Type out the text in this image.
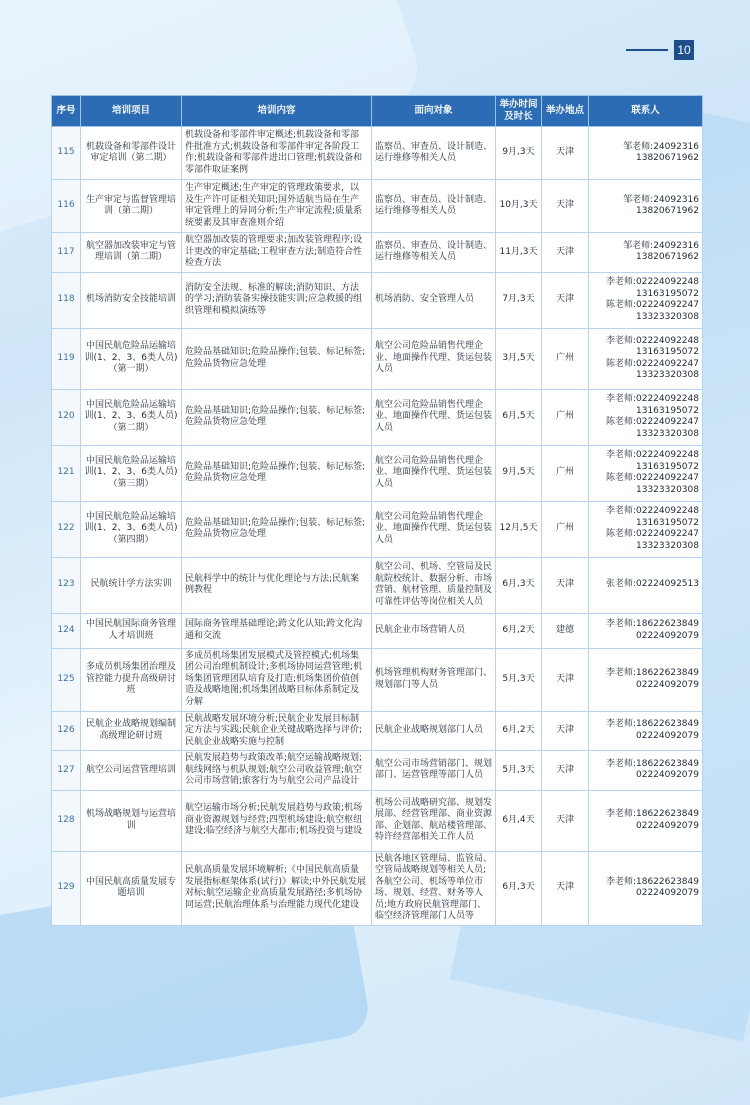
10
序号	培训项目	培训内容	面向对象	举办时间及时长	举办地点	联系人
115	机载设备和零部件设计审定培训（第二期）	机载设备和零部件审定概述;机载设备和零部件批准方式;机载设备和零部件审定各阶段工作;机载设备和零部件进出口管理;机载设备和零部件取证案例	监察员、审查员、设计制造、运行维修等相关人员	9月,3天	天津	邹老师:24092316
13820671962
116	生产审定与监督管理培训（第二期）	生产审定概述;生产审定的管理政策要求，以及生产许可证相关知识;国外适航当局在生产审定管理上的异同分析;生产审定流程;质量系统要素及其审查准则介绍	监察员、审查员、设计制造、运行维修等相关人员	10月,3天	天津	邹老师:24092316
13820671962
117	航空器加改装审定与管理培训（第二期）	航空器加改装的管理要求;加改装管理程序;设计更改的审定基础;工程审查方法;制造符合性检查方法	监察员、审查员、设计制造、运行维修等相关人员	11月,3天	天津	邹老师:24092316
13820671962
118	机场消防安全技能培训	消防安全法规、标准的解读;消防知识、方法的学习;消防装备实操技能实训;应急救援的组织管理和模拟演练等	机场消防、安全管理人员	7月,3天	天津	李老师:02224092248
13163195072
陈老师:02224092247
13323320308
119	中国民航危险品运输培训(1、2、3、6类人员)（第一期）	危险品基础知识;危险品操作;包装、标记标签;危险品货物应急处理	航空公司危险品销售代理企业、地面操作代理、货运包装人员	3月,5天	广州	李老师:02224092248
13163195072
陈老师:02224092247
13323320308
120	中国民航危险品运输培训(1、2、3、6类人员)（第二期）	危险品基础知识;危险品操作;包装、标记标签;危险品货物应急处理	航空公司危险品销售代理企业、地面操作代理、货运包装人员	6月,5天	广州	李老师:02224092248
13163195072
陈老师:02224092247
13323320308
121	中国民航危险品运输培训(1、2、3、6类人员)（第三期）	危险品基础知识;危险品操作;包装、标记标签;危险品货物应急处理	航空公司危险品销售代理企业、地面操作代理、货运包装人员	9月,5天	广州	李老师:02224092248
13163195072
陈老师:02224092247
13323320308
122	中国民航危险品运输培训(1、2、3、6类人员)（第四期）	危险品基础知识;危险品操作;包装、标记标签;危险品货物应急处理	航空公司危险品销售代理企业、地面操作代理、货运包装人员	12月,5天	广州	李老师:02224092248
13163195072
陈老师:02224092247
13323320308
123	民航统计学方法实训	民航科学中的统计与优化理论与方法;民航案例教程	航空公司、机场、空管局及民航院校统计、数据分析、市场营销、航材管理、质量控制及可靠性评估等岗位相关人员	6月,3天	天津	张老师:02224092513
124	中国民航国际商务管理人才培训班	国际商务管理基础理论;跨文化认知;跨文化沟通和交流	民航企业市场营销人员	6月,2天	建德	李老师:18622623849
02224092079
125	多成员机场集团治理及管控能力提升高级研讨班	多成员机场集团发展模式及管控模式;机场集团公司治理机制设计;多机场协同运营管理;机场集团管理团队培育及打造;机场集团价值创造及战略地图;机场集团战略目标体系制定及分解	机场管理机构财务管理部门、规划部门等人员	5月,3天	天津	李老师:18622623849
02224092079
126	民航企业战略规划编制高级理论研讨班	民航战略发展环境分析;民航企业发展目标制定方法与实践;民航企业关键战略选择与评价;民航企业战略实施与控制	民航企业战略规划部门人员	6月,2天	天津	李老师:18622623849
02224092079
127	航空公司运营管理培训	民航发展趋势与政策改革;航空运输战略规划;航线网络与机队规划;航空公司收益管理;航空公司市场营销;旅客行为与航空公司产品设计	航空公司市场营销部门、规划部门、运营管理等部门人员	5月,3天	天津	李老师:18622623849
02224092079
128	机场战略规划与运营培训	航空运输市场分析;民航发展趋势与政策;机场商业资源规划与经营;四型机场建设;航空枢纽建设;临空经济与航空大都市;机场投资与建设	机场公司战略研究部、规划发展部、经营管理部、商业资源部、企划部、航站楼管理部、特许经营部相关工作人员	6月,4天	天津	李老师:18622623849
02224092079
129	中国民航高质量发展专题培训	民航高质量发展环境解析;《中国民航高质量发展指标框架体系(试行)》解读;中外民航发展对标;航空运输企业高质量发展路径;多机场协同运营;民航治理体系与治理能力现代化建设	民航各地区管理局、监管局、空管局战略规划等相关人员;各航空公司、机场等单位市场、规划、经营、财务等人员;地方政府民航管理部门、临空经济管理部门人员等	6月,3天	天津	李老师:18622623849
02224092079
